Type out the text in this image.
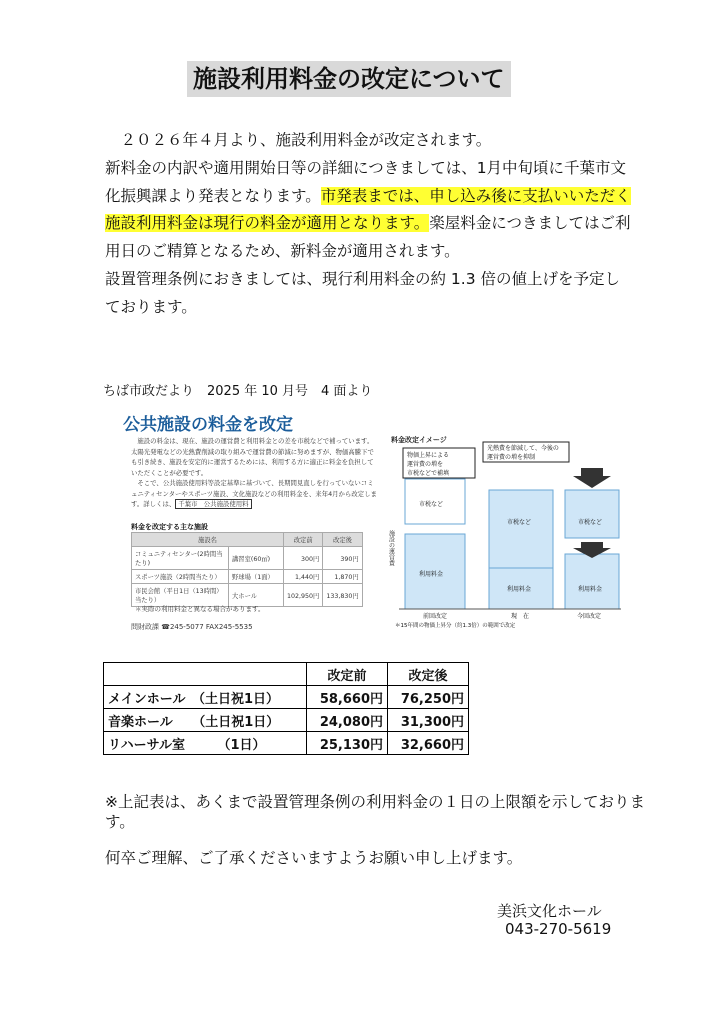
施設利用料金の改定について

　２０２６年４月より、施設利用料金が改定されます。

新料金の内訳や適用開始日等の詳細につきましては、1月中旬頃に千葉市文化振興課より発表となります。市発表までは、申し込み後に支払いいただく施設利用料金は現行の料金が適用となります。楽屋料金につきましてはご利用日のご精算となるため、新料金が適用されます。

設置管理条例におきましては、現行利用料金の約 1.3 倍の値上げを予定しております。

ちば市政だより　2025 年 10 月号　4 面より
公共施設の料金を改定
　施設の料金は、現在、施設の運営費と利用料金との差を市税などで補っています。太陽光発電などの光熱費削減の取り組みで運営費の節減に努めますが、物価高騰下でも引き続き、施設を安定的に運営するためには、利用する方に適正に料金を負担していただくことが必要です。
　そこで、公共施設使用料等設定基準に基づいて、長期間見直しを行っていないコミュニティセンターやスポーツ施設、文化施設などの利用料金を、来年4月から改定します。詳しくは、 千葉市　公共施設使用料
料金を改定する主な施設
施設名		改定前	改定後
コミュニティセンター(2時間当たり)	講習室(60㎡)	300円	390円
スポーツ施設（2時間当たり）	野球場（1面）	1,440円	1,870円
市民会館（平日1日（13時間）当たり）	大ホール	102,950円	133,830円
＊実際の利用料金と異なる場合があります。
問財政課 ☎245-5077 FAX245-5535
料金改定イメージ
施設の運営費
物価上昇による 運営費の増を 市税などで補填
光熱費を節減して、今後の 運営費の増を抑制
市税など
利用料金
市税など
利用料金
市税など
利用料金
前回改定	現　在	今回改定
＊15年間の物価上昇分（約1.3倍）の範囲で改定
	改定前	改定後
メインホール　（土日祝1日）	58,660円	76,250円
音楽ホール　　（土日祝1日）	24,080円	31,300円
リハーサル室　　　（1日）	25,130円	32,660円
※上記表は、あくまで設置管理条例の利用料金の１日の上限額を示しております。
何卒ご理解、ご了承くださいますようお願い申し上げます。
美浜文化ホール
043-270-5619
